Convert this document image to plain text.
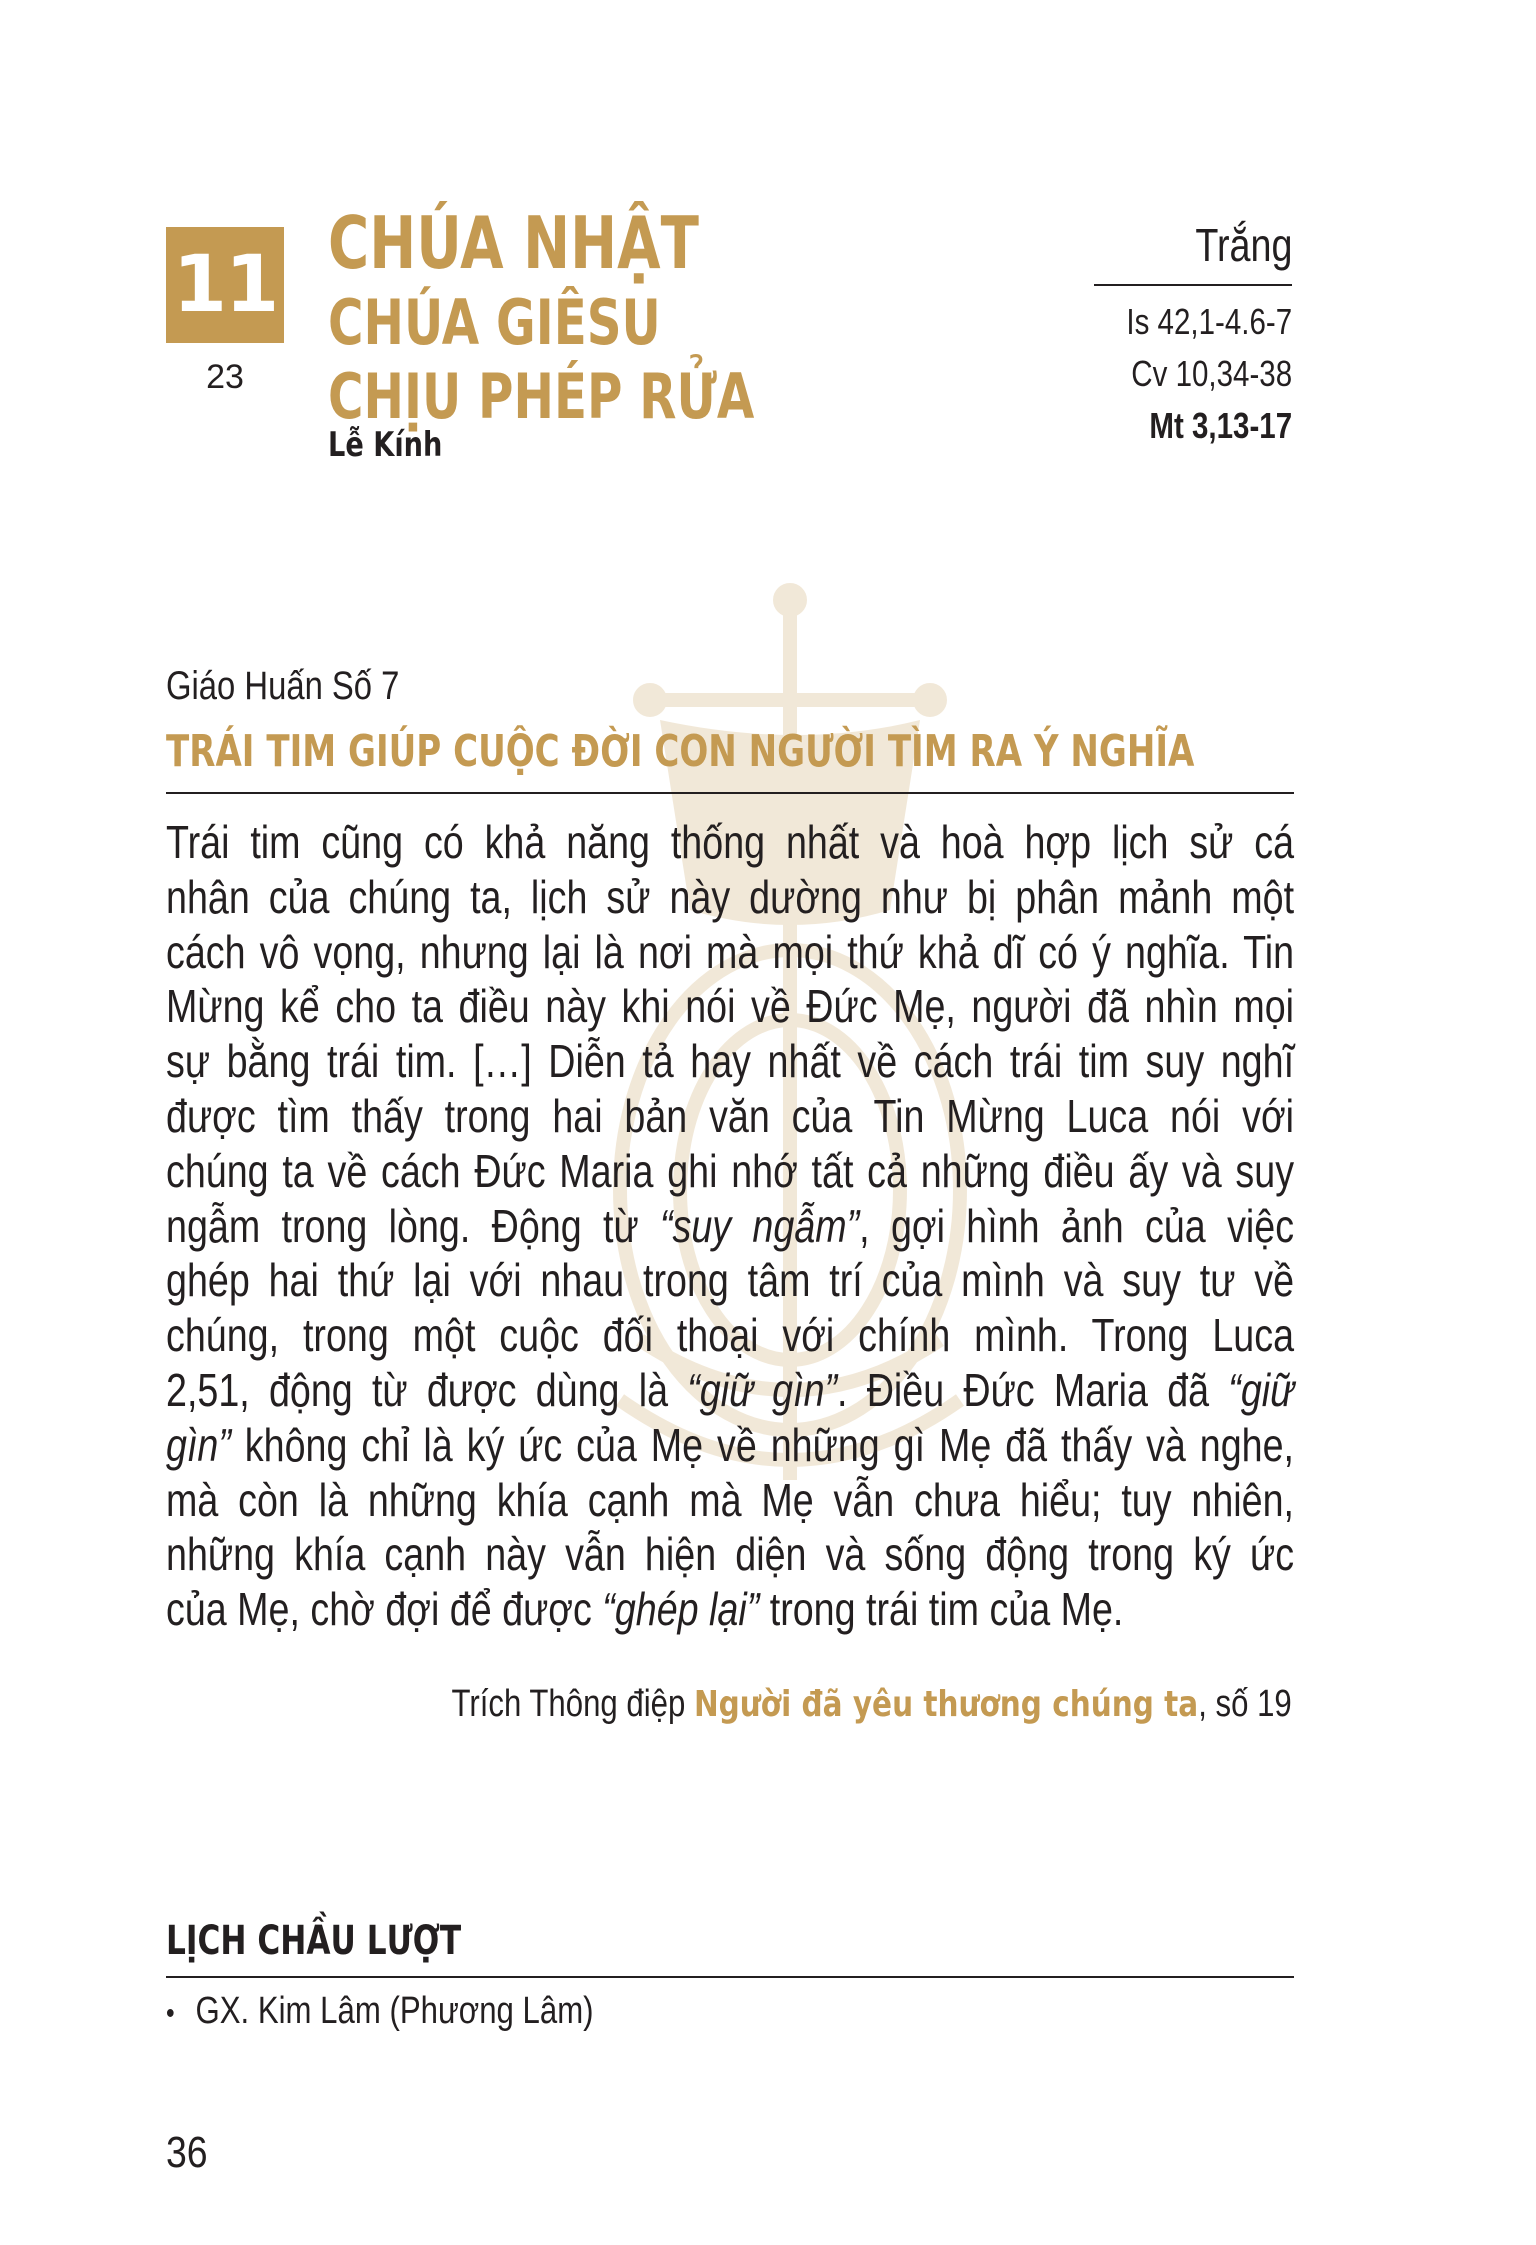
11
23
CHÚA NHẬT
CHÚA GIÊSU
CHỊU PHÉP RỬA
Lễ Kính
Trắng
Is 42,1-4.6-7
Cv 10,34-38
Mt 3,13-17
Giáo Huấn Số 7
TRÁI TIM GIÚP CUỘC ĐỜI CON NGƯỜI TÌM RA Ý NGHĨA
Trái tim cũng có khả năng thống nhất và hoà hợp lịch sử cá
nhân của chúng ta, lịch sử này dường như bị phân mảnh một
cách vô vọng, nhưng lại là nơi mà mọi thứ khả dĩ có ý nghĩa. Tin
Mừng kể cho ta điều này khi nói về Đức Mẹ, người đã nhìn mọi
sự bằng trái tim. […] Diễn tả hay nhất về cách trái tim suy nghĩ
được tìm thấy trong hai bản văn của Tin Mừng Luca nói với
chúng ta về cách Đức Maria ghi nhớ tất cả những điều ấy và suy
ngẫm trong lòng. Động từ “suy ngẫm”, gợi hình ảnh của việc
ghép hai thứ lại với nhau trong tâm trí của mình và suy tư về
chúng, trong một cuộc đối thoại với chính mình. Trong Luca
2,51, động từ được dùng là “giữ gìn”. Điều Đức Maria đã “giữ
gìn” không chỉ là ký ức của Mẹ về những gì Mẹ đã thấy và nghe,
mà còn là những khía cạnh mà Mẹ vẫn chưa hiểu; tuy nhiên,
những khía cạnh này vẫn hiện diện và sống động trong ký ức
của Mẹ, chờ đợi để được “ghép lại” trong trái tim của Mẹ.
Trích Thông điệp Người đã yêu thương chúng ta, số 19
LỊCH CHẦU LƯỢT
• GX. Kim Lâm (Phương Lâm)
36
